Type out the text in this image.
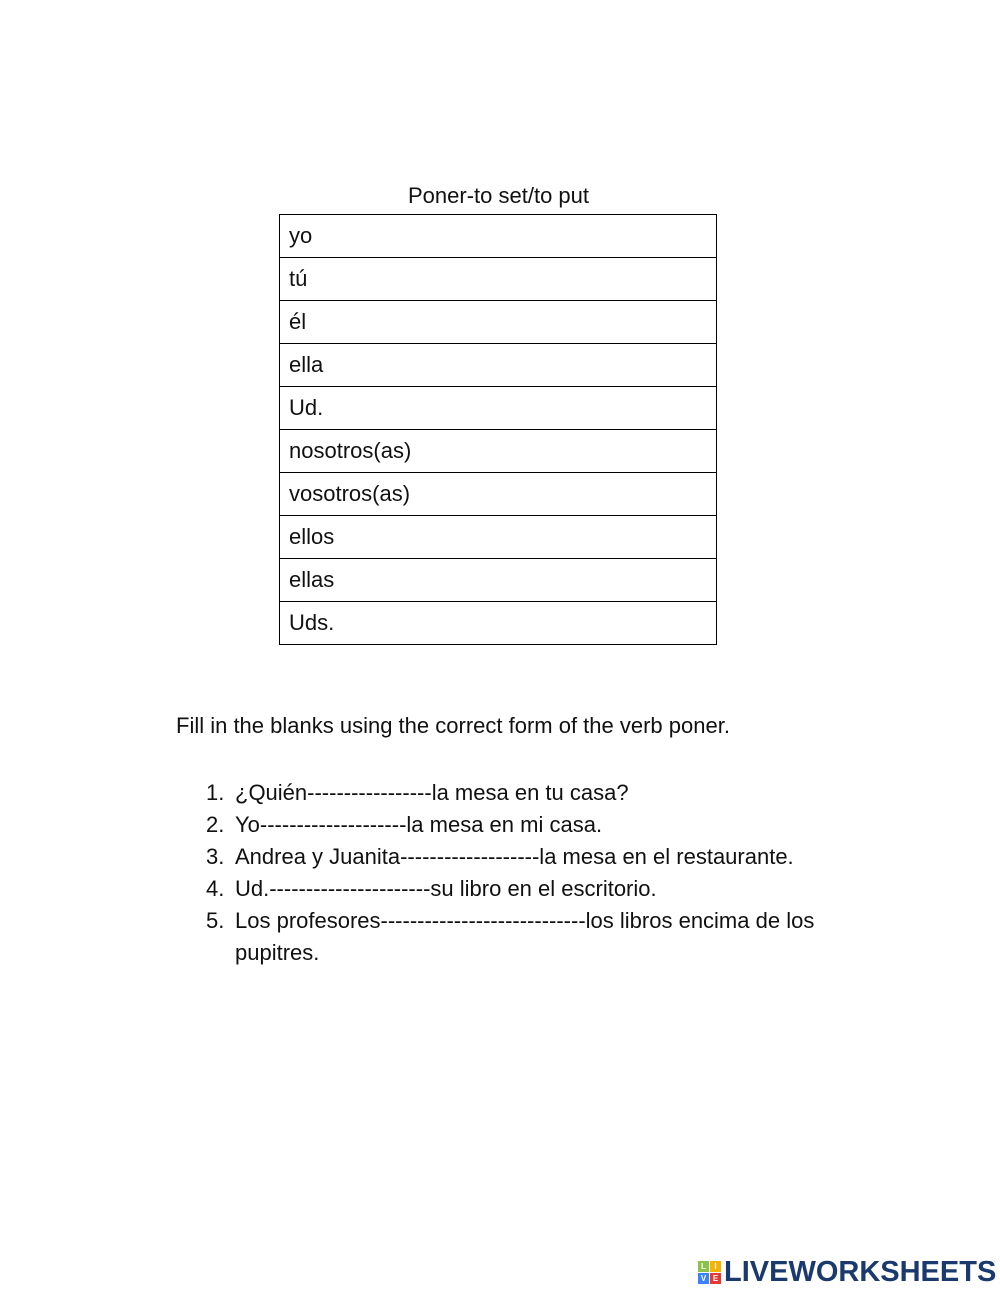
Poner-to set/to put
yo
tú
él
ella
Ud.
nosotros(as)
vosotros(as)
ellos
ellas
Uds.
Fill in the blanks using the correct form of the verb poner.
1. ¿Quién-----------------la mesa en tu casa?
2. Yo--------------------la mesa en mi casa.
3. Andrea y Juanita-------------------la mesa en el restaurante.
4. Ud.----------------------su libro en el escritorio.
5. Los profesores----------------------------los libros encima de los pupitres.
L	I
V E LIVEWORKSHEETS
